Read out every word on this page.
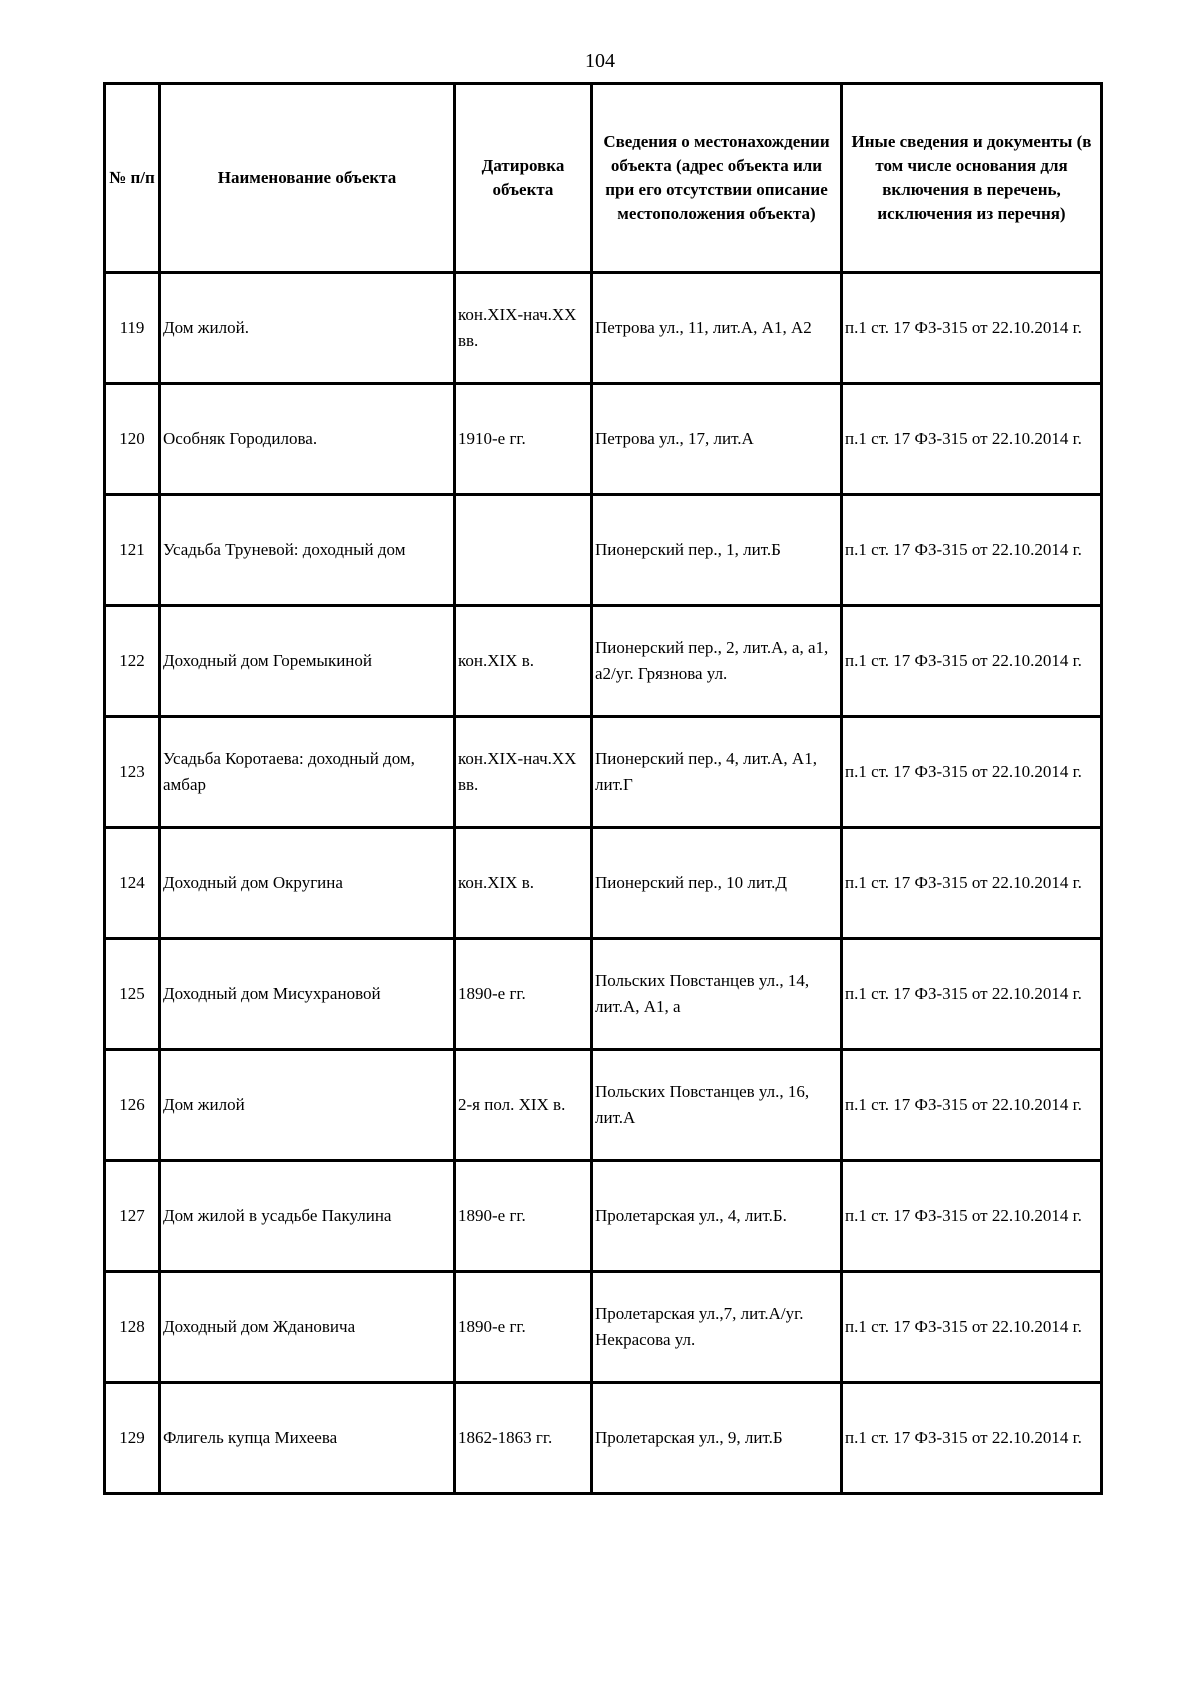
104
№ п/п	Наименование объекта	Датировка объекта	Сведения о местонахождении объекта (адрес объекта или при его отсутствии описание местоположения объекта)	Иные сведения и документы (в том числе основания для включения в перечень, исключения из перечня)
119	Дом жилой.	кон.XIX-нач.XX вв.	Петрова ул., 11, лит.А, А1, А2	п.1 ст. 17 ФЗ-315 от 22.10.2014 г.
120	Особняк Городилова.	1910-е гг.	Петрова ул., 17, лит.А	п.1 ст. 17 ФЗ-315 от 22.10.2014 г.
121	Усадьба Труневой: доходный дом		Пионерский пер., 1, лит.Б	п.1 ст. 17 ФЗ-315 от 22.10.2014 г.
122	Доходный дом Горемыкиной	кон.XIX в.	Пионерский пер., 2, лит.А, а, а1, а2/уг. Грязнова ул.	п.1 ст. 17 ФЗ-315 от 22.10.2014 г.
123	Усадьба Коротаева: доходный дом, амбар	кон.XIX-нач.XX вв.	Пионерский пер., 4, лит.А, А1, лит.Г	п.1 ст. 17 ФЗ-315 от 22.10.2014 г.
124	Доходный дом Округина	кон.XIX в.	Пионерский пер., 10 лит.Д	п.1 ст. 17 ФЗ-315 от 22.10.2014 г.
125	Доходный дом Мисухрановой	1890-е гг.	Польских Повстанцев ул., 14, лит.А, А1, а	п.1 ст. 17 ФЗ-315 от 22.10.2014 г.
126	Дом жилой	2-я пол. XIX в.	Польских Повстанцев ул., 16, лит.А	п.1 ст. 17 ФЗ-315 от 22.10.2014 г.
127	Дом жилой в усадьбе Пакулина	1890-е гг.	Пролетарская ул., 4, лит.Б.	п.1 ст. 17 ФЗ-315 от 22.10.2014 г.
128	Доходный дом Ждановича	1890-е гг.	Пролетарская ул.,7, лит.А/уг. Некрасова ул.	п.1 ст. 17 ФЗ-315 от 22.10.2014 г.
129	Флигель купца Михеева	1862-1863 гг.	Пролетарская ул., 9, лит.Б	п.1 ст. 17 ФЗ-315 от 22.10.2014 г.
